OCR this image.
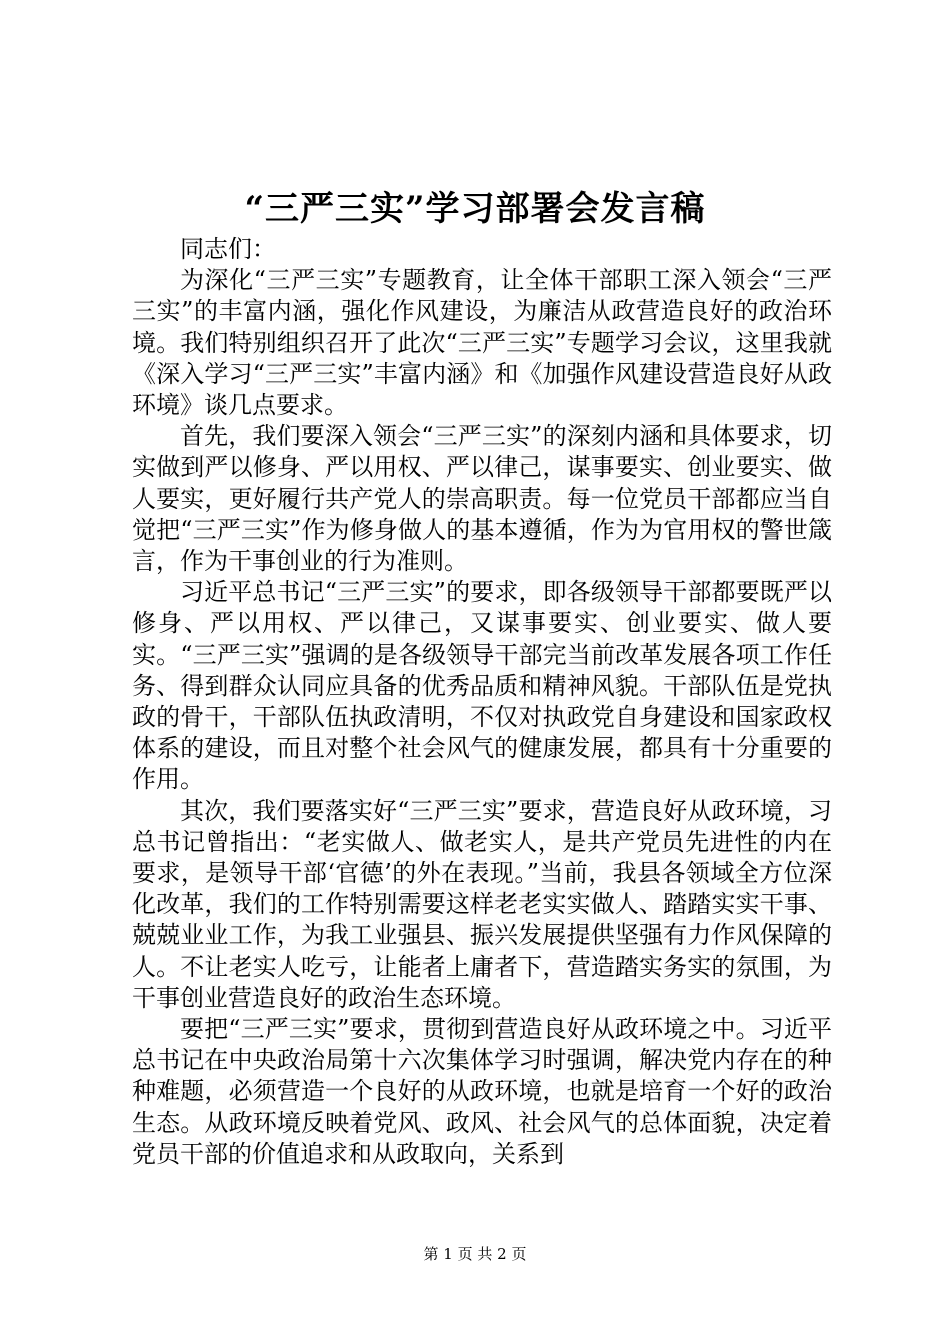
“三严三实”学习部署会发言稿

同志们：

为深化“三严三实”专题教育，让全体干部职工深入领会“三严三实”的丰富内涵，强化作风建设，为廉洁从政营造良好的政治环境。我们特别组织召开了此次“三严三实”专题学习会议，这里我就《深入学习“三严三实”丰富内涵》和《加强作风建设营造良好从政环境》谈几点要求。

首先，我们要深入领会“三严三实”的深刻内涵和具体要求，切实做到严以修身、严以用权、严以律己，谋事要实、创业要实、做人要实，更好履行共产党人的崇高职责。每一位党员干部都应当自觉把“三严三实”作为修身做人的基本遵循，作为为官用权的警世箴言，作为干事创业的行为准则。

习近平总书记“三严三实”的要求，即各级领导干部都要既严以修身、严以用权、严以律己，又谋事要实、创业要实、做人要实。“三严三实”强调的是各级领导干部完当前改革发展各项工作任务、得到群众认同应具备的优秀品质和精神风貌。干部队伍是党执政的骨干，干部队伍执政清明，不仅对执政党自身建设和国家政权体系的建设，而且对整个社会风气的健康发展，都具有十分重要的作用。

其次，我们要落实好“三严三实”要求，营造良好从政环境，习总书记曾指出：“老实做人、做老实人，是共产党员先进性的内在要求，是领导干部‘官德’的外在表现。”当前，我县各领域全方位深化改革，我们的工作特别需要这样老老实实做人、踏踏实实干事、兢兢业业工作，为我工业强县、振兴发展提供坚强有力作风保障的人。不让老实人吃亏，让能者上庸者下，营造踏实务实的氛围，为干事创业营造良好的政治生态环境。

要把“三严三实”要求，贯彻到营造良好从政环境之中。习近平总书记在中央政治局第十六次集体学习时强调，解决党内存在的种种难题，必须营造一个良好的从政环境，也就是培育一个好的政治生态。从政环境反映着党风、政风、社会风气的总体面貌，决定着党员干部的价值追求和从政取向，关系到

第 1 页 共 2 页
